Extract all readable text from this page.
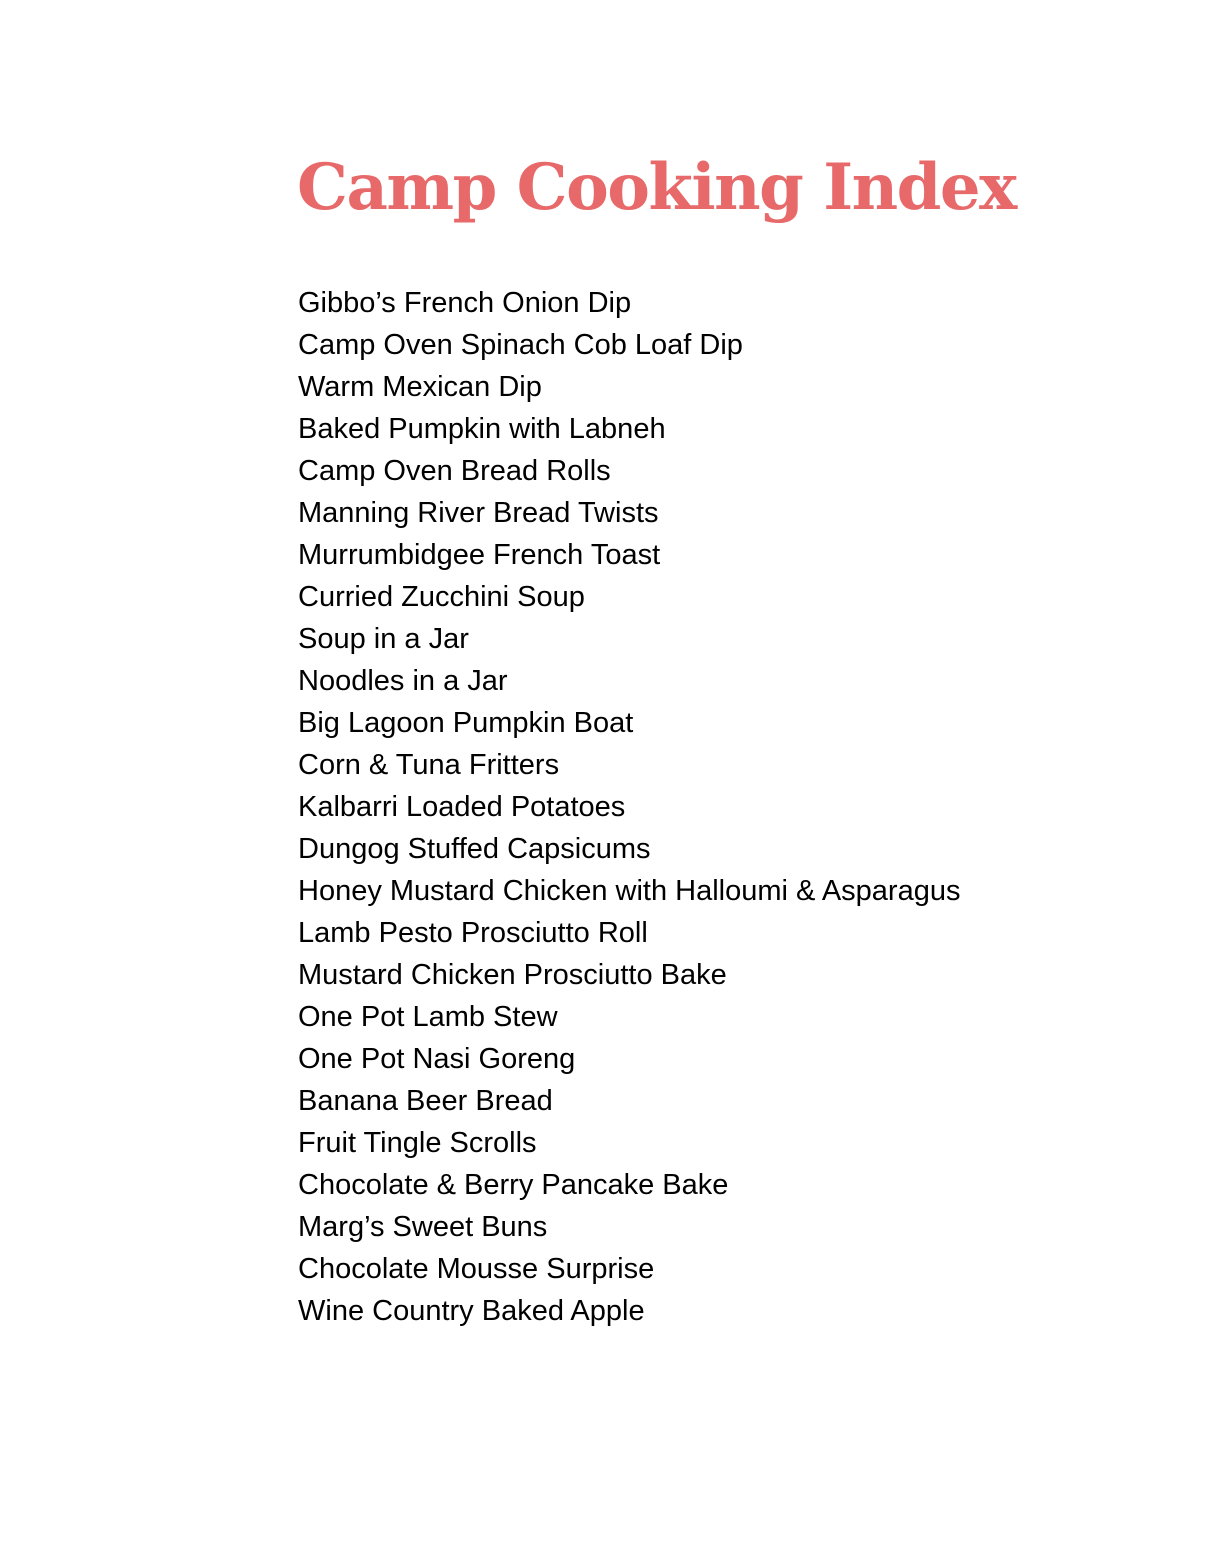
Camp Cooking Index
Gibbo’s French Onion Dip
Camp Oven Spinach Cob Loaf Dip
Warm Mexican Dip
Baked Pumpkin with Labneh
Camp Oven Bread Rolls
Manning River Bread Twists
Murrumbidgee French Toast
Curried Zucchini Soup
Soup in a Jar
Noodles in a Jar
Big Lagoon Pumpkin Boat
Corn & Tuna Fritters
Kalbarri Loaded Potatoes
Dungog Stuffed Capsicums
Honey Mustard Chicken with Halloumi & Asparagus
Lamb Pesto Prosciutto Roll
Mustard Chicken Prosciutto Bake
One Pot Lamb Stew
One Pot Nasi Goreng
Banana Beer Bread
Fruit Tingle Scrolls
Chocolate & Berry Pancake Bake
Marg’s Sweet Buns
Chocolate Mousse Surprise
Wine Country Baked Apple
